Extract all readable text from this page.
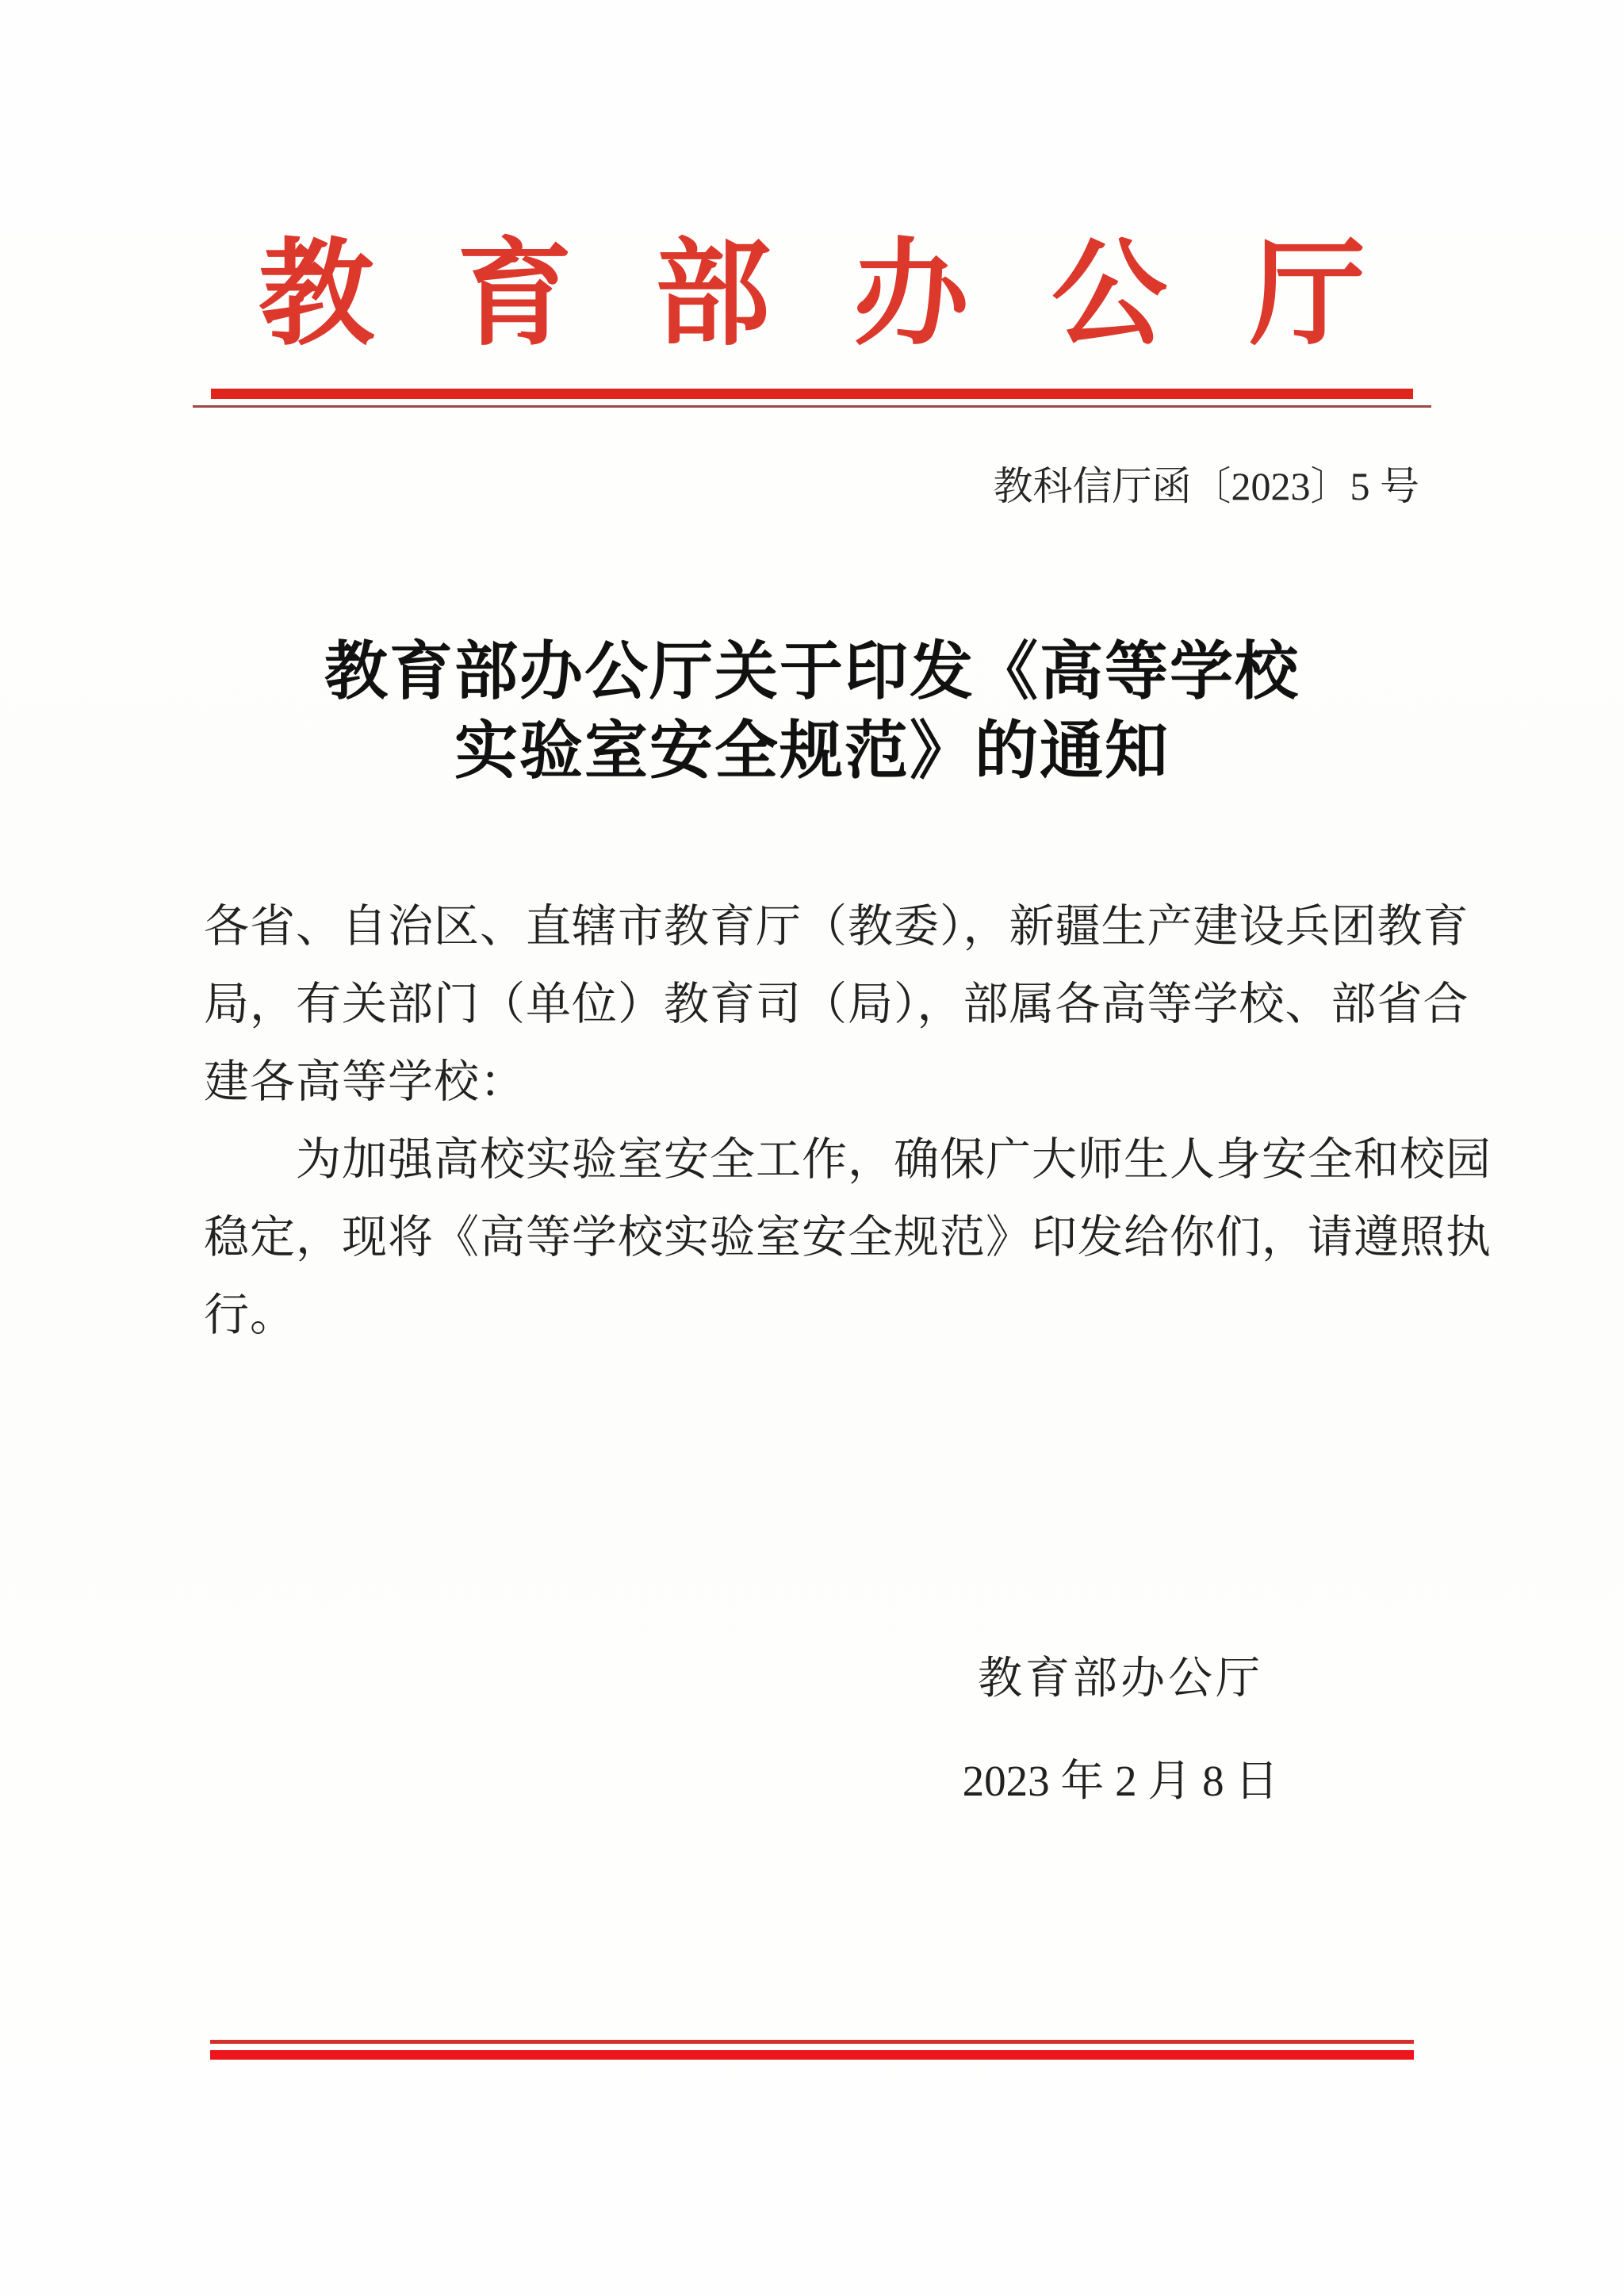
教育部办公厅
教科信厅函〔2023〕5 号
教育部办公厅关于印发《高等学校
实验室安全规范》的通知
各省、自治区、直辖市教育厅（教委），新疆生产建设兵团教育
局，有关部门（单位）教育司（局），部属各高等学校、部省合
建各高等学校：
为加强高校实验室安全工作，确保广大师生人身安全和校园
稳定，现将《高等学校实验室安全规范》印发给你们，请遵照执
行。
教育部办公厅
2023 年 2 月 8 日
